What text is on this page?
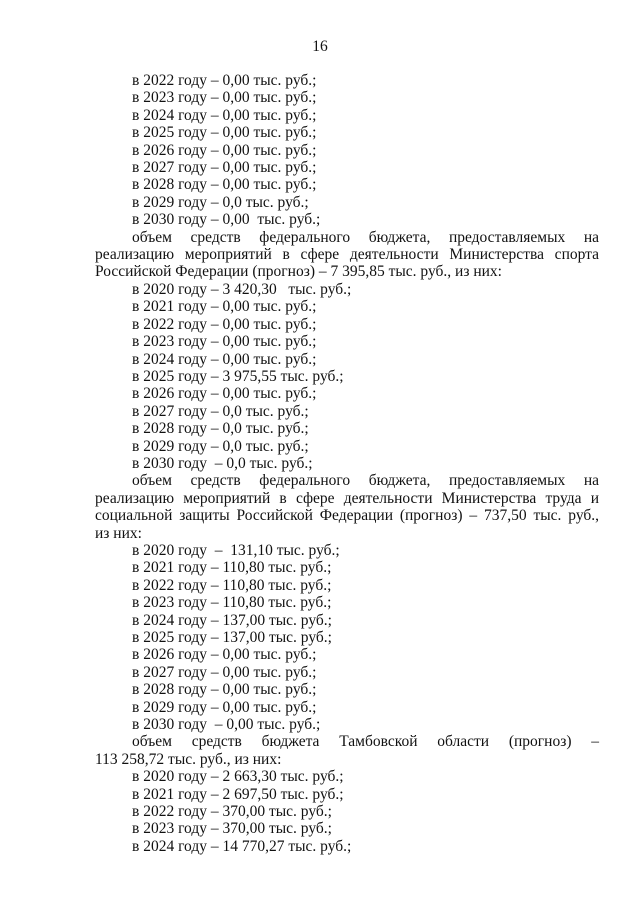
16
в 2022 году – 0,00 тыс. руб.;
в 2023 году – 0,00 тыс. руб.;
в 2024 году – 0,00 тыс. руб.;
в 2025 году – 0,00 тыс. руб.;
в 2026 году – 0,00 тыс. руб.;
в 2027 году – 0,00 тыс. руб.;
в 2028 году – 0,00 тыс. руб.;
в 2029 году – 0,0 тыс. руб.;
в 2030 году – 0,00  тыс. руб.;
объем средств федерального бюджета, предоставляемых на
реализацию мероприятий в сфере деятельности Министерства спорта
Российской Федерации (прогноз) – 7 395,85 тыс. руб., из них:
в 2020 году – 3 420,30   тыс. руб.;
в 2021 году – 0,00 тыс. руб.;
в 2022 году – 0,00 тыс. руб.;
в 2023 году – 0,00 тыс. руб.;
в 2024 году – 0,00 тыс. руб.;
в 2025 году – 3 975,55 тыс. руб.;
в 2026 году – 0,00 тыс. руб.;
в 2027 году – 0,0 тыс. руб.;
в 2028 году – 0,0 тыс. руб.;
в 2029 году – 0,0 тыс. руб.;
в 2030 году  – 0,0 тыс. руб.;
объем средств федерального бюджета, предоставляемых на
реализацию мероприятий в сфере деятельности Министерства труда и
социальной защиты Российской Федерации (прогноз) – 737,50 тыс. руб.,
из них:
в 2020 году  –  131,10 тыс. руб.;
в 2021 году – 110,80 тыс. руб.;
в 2022 году – 110,80 тыс. руб.;
в 2023 году – 110,80 тыс. руб.;
в 2024 году – 137,00 тыс. руб.;
в 2025 году – 137,00 тыс. руб.;
в 2026 году – 0,00 тыс. руб.;
в 2027 году – 0,00 тыс. руб.;
в 2028 году – 0,00 тыс. руб.;
в 2029 году – 0,00 тыс. руб.;
в 2030 году  – 0,00 тыс. руб.;
объем средств бюджета Тамбовской области (прогноз) –
113 258,72 тыс. руб., из них:
в 2020 году – 2 663,30 тыс. руб.;
в 2021 году – 2 697,50 тыс. руб.;
в 2022 году – 370,00 тыс. руб.;
в 2023 году – 370,00 тыс. руб.;
в 2024 году – 14 770,27 тыс. руб.;
